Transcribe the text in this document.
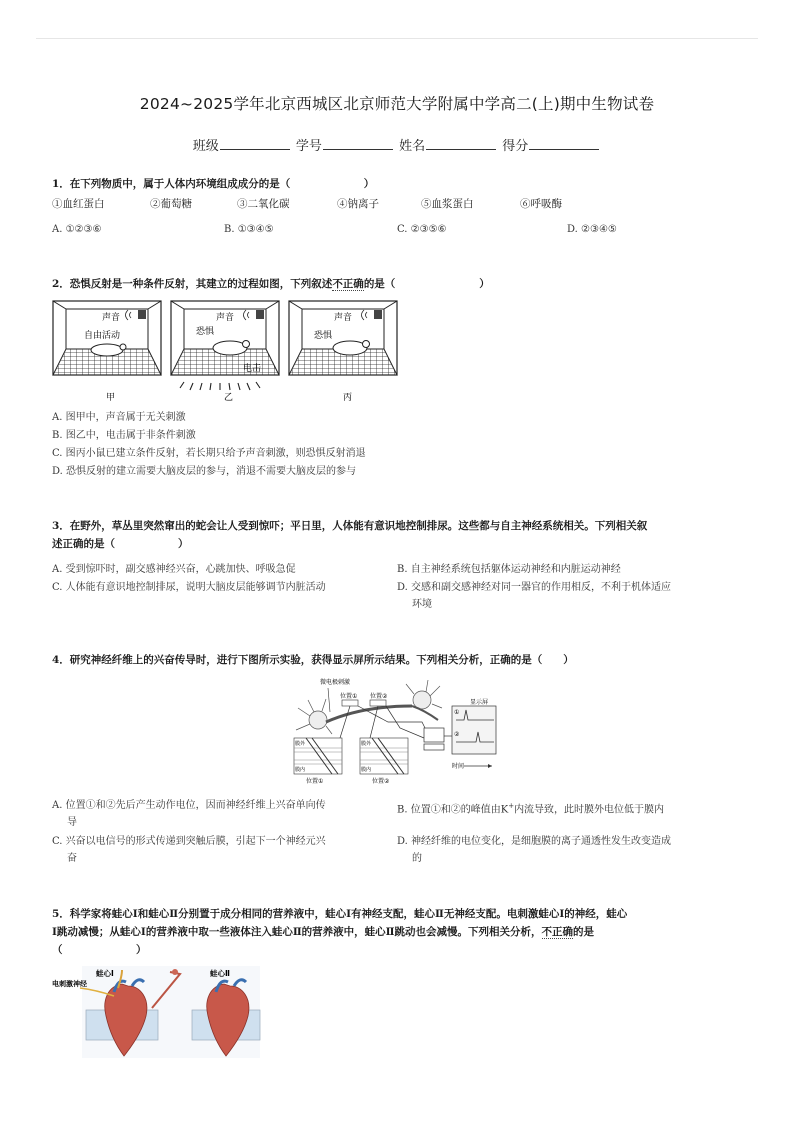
2024~2025学年北京西城区北京师范大学附属中学高二(上)期中生物试卷
班级	学号	姓名	得分
1．在下列物质中，属于人体内环境组成成分的是（　　　　　　　）
①血红蛋白	②葡萄糖	③二氧化碳	④钠离子	⑤血浆蛋白	⑥呼吸酶
A. ①②③⑥	B. ①③④⑤	C. ②③⑤⑥	D. ②③④⑤
2．恐惧反射是一种条件反射，其建立的过程如图，下列叙述不正确的是（　　　　　　　　）
声音
自由活动
声音
恐惧
电击
声音
恐惧
甲	乙	丙
A. 图甲中，声音属于无关刺激
B. 图乙中，电击属于非条件刺激
C. 图丙小鼠已建立条件反射，若长期只给予声音刺激，则恐惧反射消退
D. 恐惧反射的建立需要大脑皮层的参与，消退不需要大脑皮层的参与
3．在野外，草丛里突然窜出的蛇会让人受到惊吓；平日里，人体能有意识地控制排尿。这些都与自主神经系统相关。下列相关叙
述正确的是（　　　　　　）
A. 受到惊吓时，副交感神经兴奋，心跳加快、呼吸急促	B. 自主神经系统包括躯体运动神经和内脏运动神经
C. 人体能有意识地控制排尿，说明大脑皮层能够调节内脏活动	D. 交感和副交感神经对同一器官的作用相反，不利于机体适应
环境
4．研究神经纤维上的兴奋传导时，进行下图所示实验，获得显示屏所示结果。下列相关分析，正确的是（　　）
微电极刺激
位置① 位置②
膜外
膜内
膜外
膜内
位置①	位置②
显示屏
①
②
时间
A. 位置①和②先后产生动作电位，因而神经纤维上兴奋单向传
导
B. 位置①和②的峰值由K+内流导致，此时膜外电位低于膜内
C. 兴奋以电信号的形式传递到突触后膜，引起下一个神经元兴
奋
D. 神经纤维的电位变化，是细胞膜的离子通透性发生改变造成
的
5．科学家将蛙心Ⅰ和蛙心Ⅱ分别置于成分相同的营养液中，蛙心Ⅰ有神经支配，蛙心Ⅱ无神经支配。电刺激蛙心Ⅰ的神经，蛙心
Ⅰ跳动减慢；从蛙心Ⅰ的营养液中取一些液体注入蛙心Ⅱ的营养液中，蛙心Ⅱ跳动也会减慢。下列相关分析，不正确的是
（　　　　　　　）
蛙心Ⅰ	蛙心Ⅱ
电刺激神经
